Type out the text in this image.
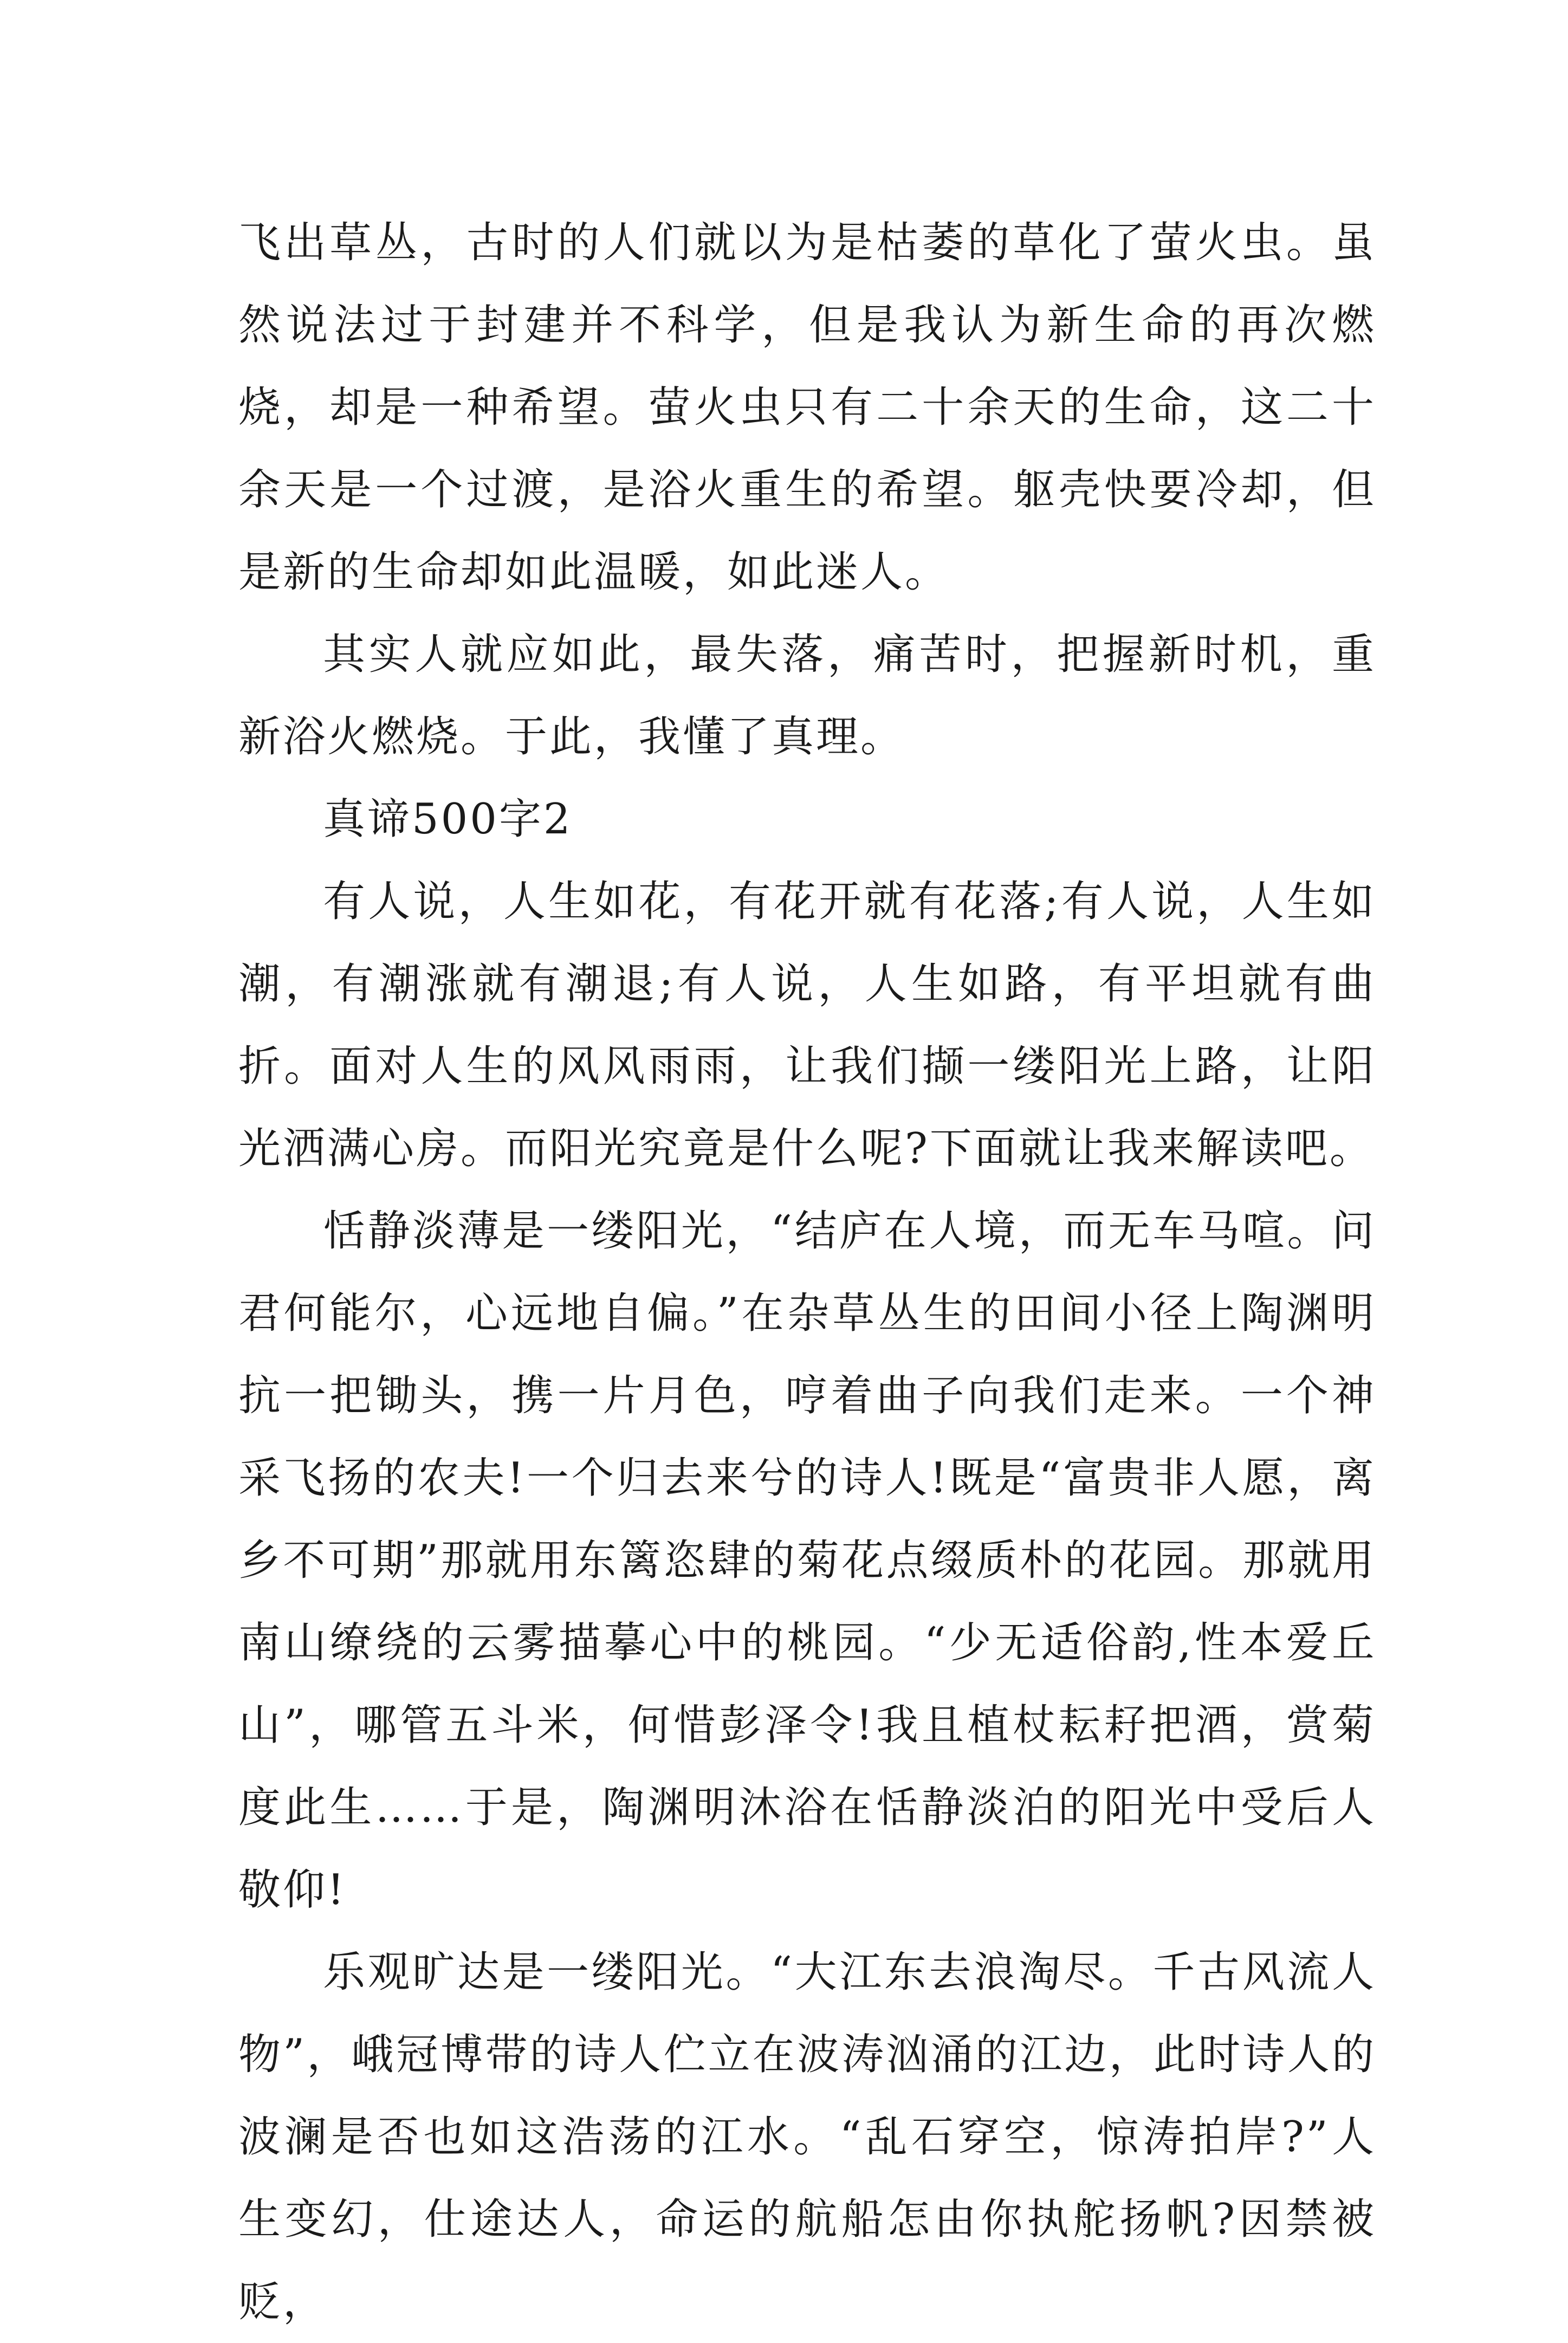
飞出草丛，古时的人们就以为是枯萎的草化了萤火虫。虽然说法过于封建并不科学，但是我认为新生命的再次燃烧，却是一种希望。萤火虫只有二十余天的生命，这二十余天是一个过渡，是浴火重生的希望。躯壳快要冷却，但是新的生命却如此温暖，如此迷人。

其实人就应如此，最失落，痛苦时，把握新时机，重新浴火燃烧。于此，我懂了真理。

真谛500字2

有人说，人生如花，有花开就有花落;有人说，人生如潮，有潮涨就有潮退;有人说，人生如路，有平坦就有曲折。面对人生的风风雨雨，让我们撷一缕阳光上路，让阳光洒满心房。而阳光究竟是什么呢?下面就让我来解读吧。

恬静淡薄是一缕阳光，“结庐在人境，而无车马喧。问君何能尔，心远地自偏。”在杂草丛生的田间小径上陶渊明抗一把锄头，携一片月色，哼着曲子向我们走来。一个神采飞扬的农夫!一个归去来兮的诗人!既是“富贵非人愿，离乡不可期”那就用东篱恣肆的菊花点缀质朴的花园。那就用南山缭绕的云雾描摹心中的桃园。“少无适俗韵,性本爱丘山”，哪管五斗米，何惜彭泽令!我且植杖耘耔把酒，赏菊度此生……于是，陶渊明沐浴在恬静淡泊的阳光中受后人敬仰!

乐观旷达是一缕阳光。“大江东去浪淘尽。千古风流人物”，峨冠博带的诗人伫立在波涛汹涌的江边，此时诗人的波澜是否也如这浩荡的江水。“乱石穿空，惊涛拍岸?”人生变幻，仕途达人，命运的航船怎由你执舵扬帆?因禁被贬，
